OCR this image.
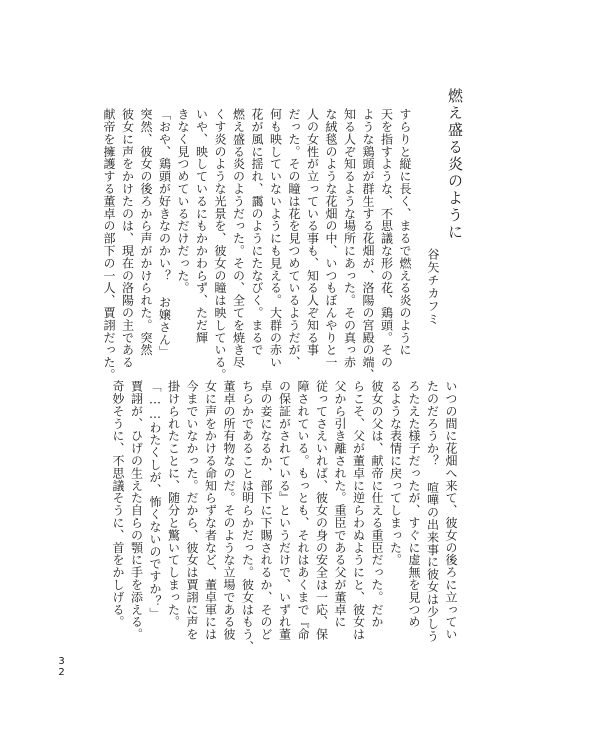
燃え盛る炎のように
谷矢チカフミ
すらりと縦に長く、まるで燃える炎のように
天を指すような、不思議な形の花、鶏頭。その
ような鶏頭が群生する花畑が、洛陽の宮殿の端、
知る人ぞ知るような場所にあった。その真っ赤
な絨毯のような花畑の中、いつもぼんやりと一
人の女性が立っている事も、知る人ぞ知る事
だった。その瞳は花を見つめているようだが、
何も映していないようにも見える。大群の赤い
花が風に揺れ、靄のようにたなびく。まるで
燃え盛る炎のようだった。その、全てを焼き尽
くす炎のような光景を、彼女の瞳は映している。
いや、映しているにもかかわらず、ただ輝
きなく見つめているだけだった。
「おや、鶏頭が好きなのかい？ お嬢さん」
突然、彼女の後ろから声がかけられた。突然
彼女に声をかけたのは、現在の洛陽の主である
献帝を擁護する董卓の部下の一人、賈詡だった。
いつの間に花畑へ来て、彼女の後ろに立ってい
たのだろうか？ 喧嘩の出来事に彼女は少しう
ろたえた様子だったが、すぐに虚無を見つめ
るような表情に戻ってしまった。
彼女の父は、献帝に仕える重臣だった。だか
らこそ、父が董卓に逆らわぬようにと、彼女は
父から引き離された。重臣である父が董卓に
従ってさえいれば、彼女の身の安全は一応、保
障されている。もっとも、それはあくまで『命
の保証がされている』というだけで、いずれ董
卓の妾になるか、部下に下賜されるか、そのど
ちらかであることは明らかだった。彼女はもう、
董卓の所有物なのだ。そのような立場である彼
女に声をかける命知らずな者など、董卓軍には
今までいなかった。だから、彼女は賈詡に声を
掛けられたことに、随分と驚いてしまった。
「……わたくしが、怖くないのですか？」
賈詡が、ひげの生えた自らの顎に手を添える。
奇妙そうに、不思議そうに、首をかしげる。
32
